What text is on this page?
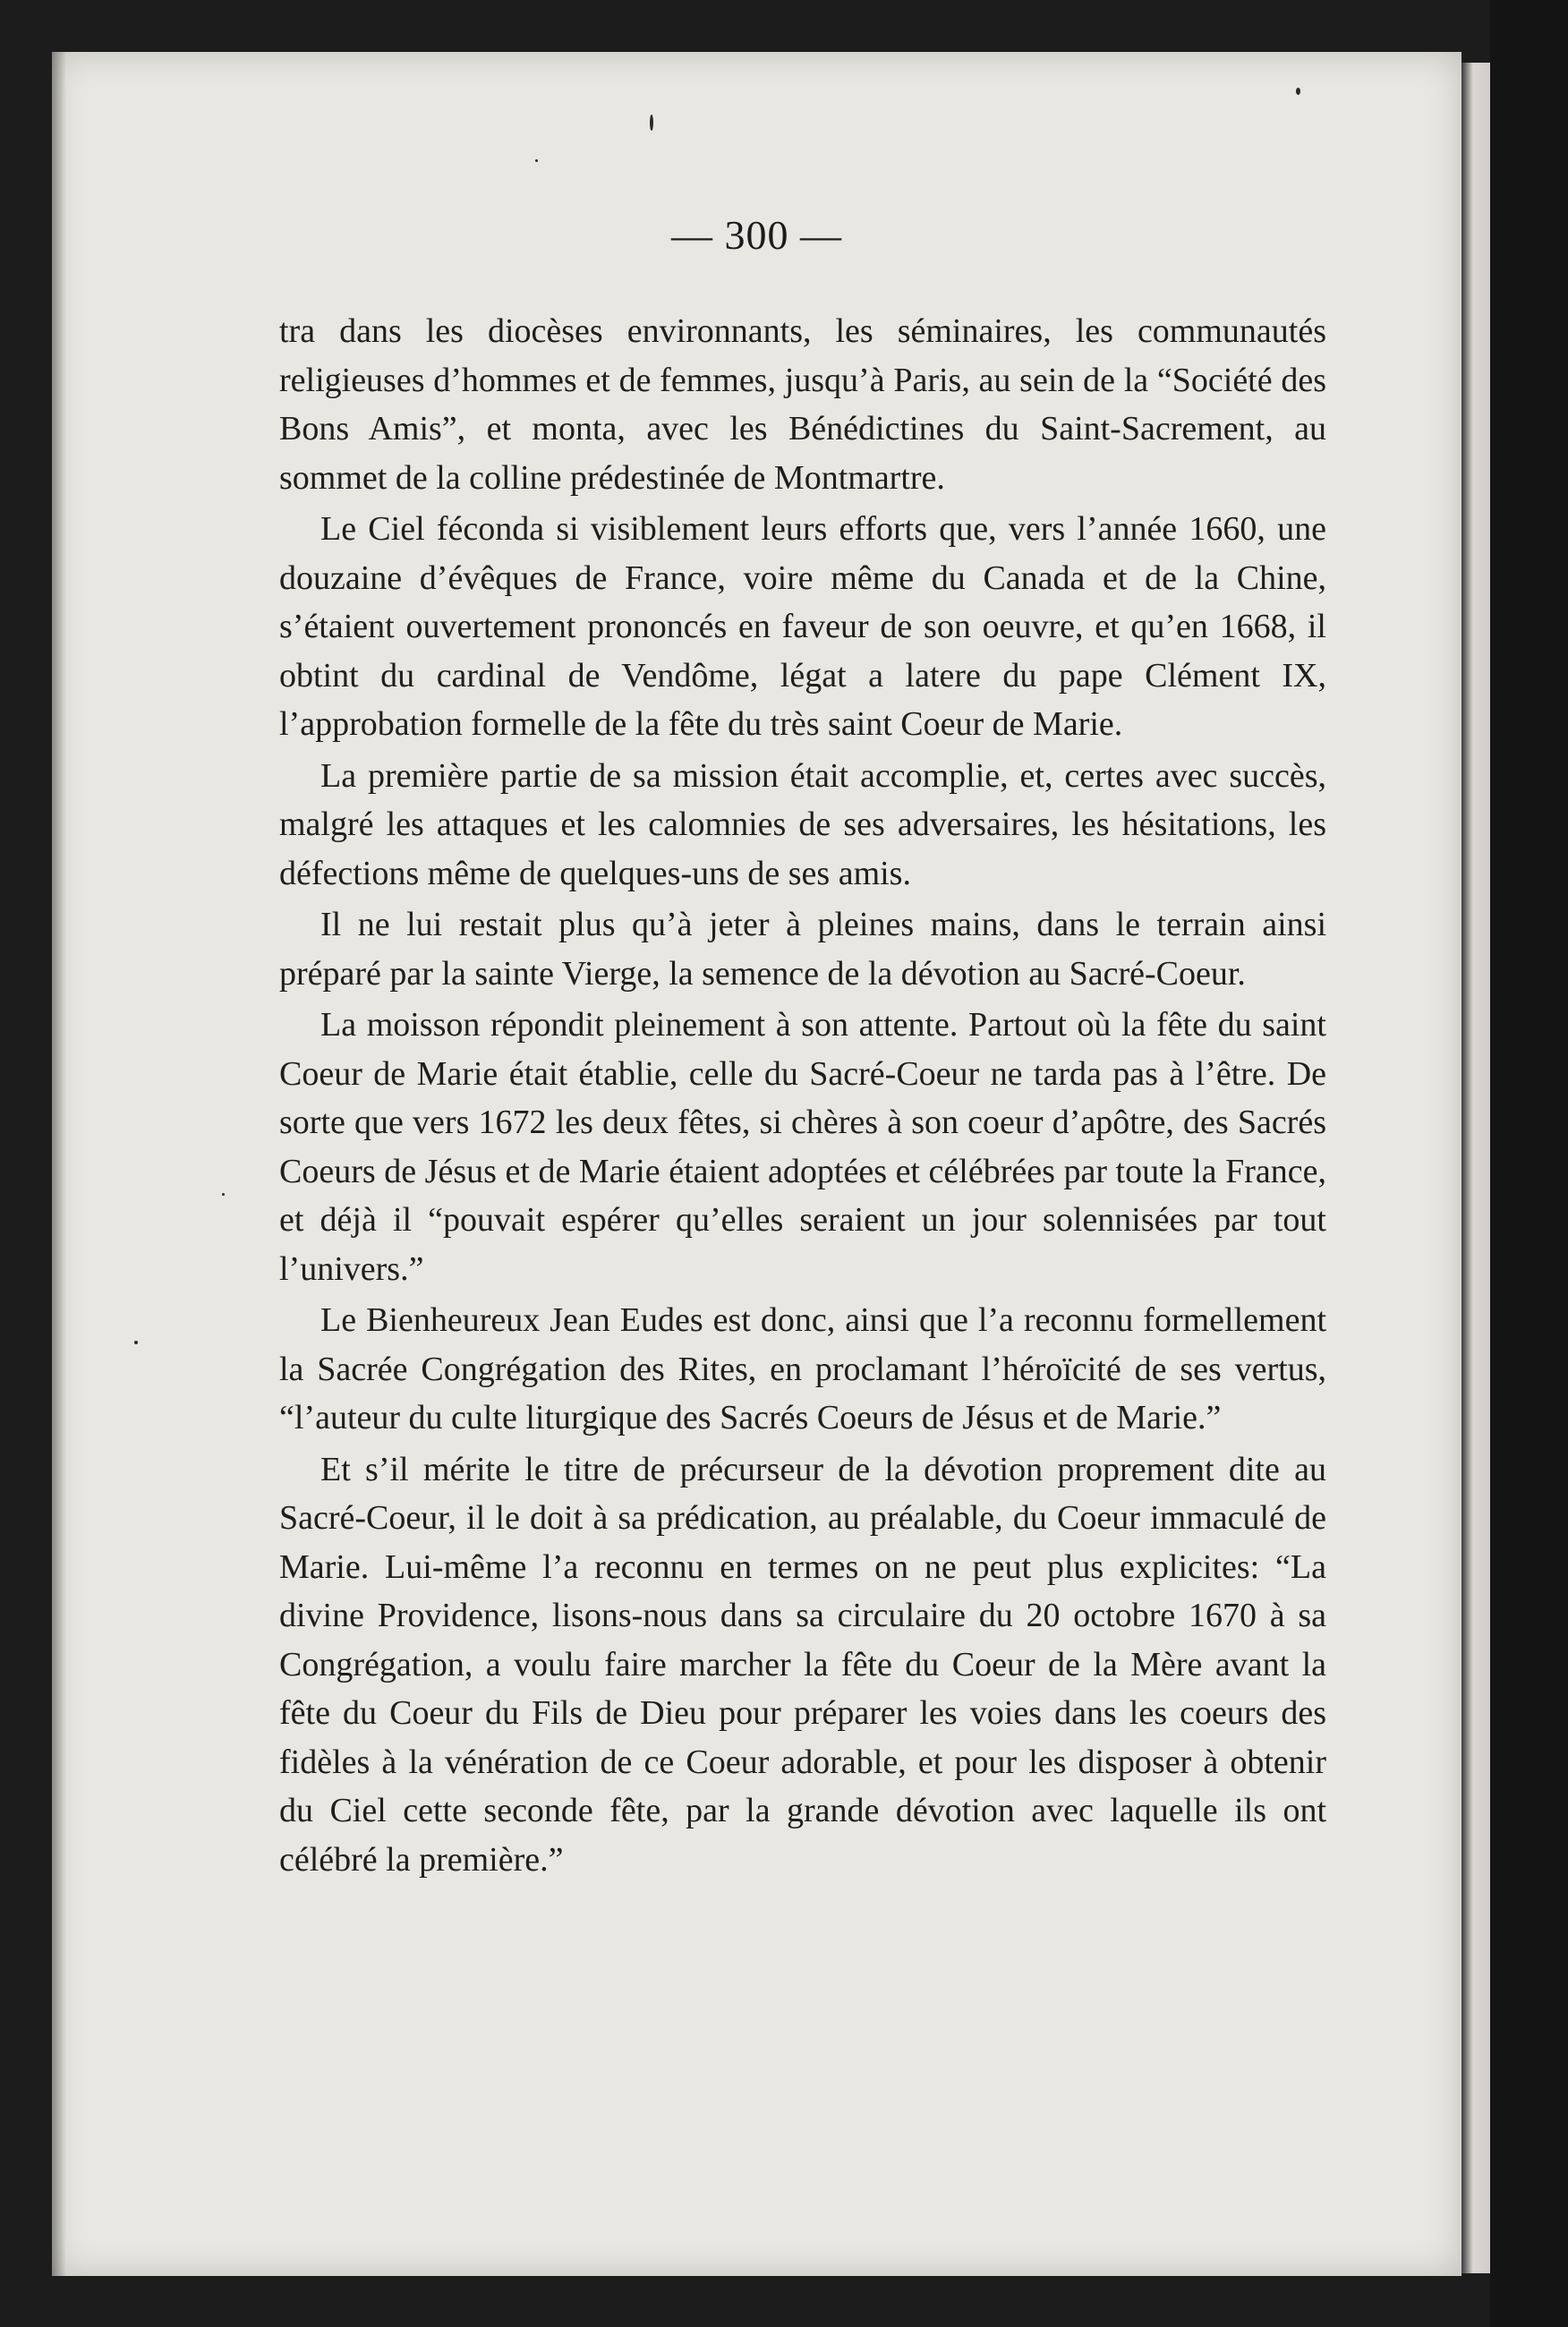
— 300 —

tra dans les diocèses environnants, les séminaires, les communautés religieuses d’hommes et de femmes, jusqu’à Paris, au sein de la “Société des Bons Amis”, et monta, avec les Bénédictines du Saint-Sacrement, au sommet de la colline prédestinée de Montmartre.

Le Ciel féconda si visiblement leurs efforts que, vers l’année 1660, une douzaine d’évêques de France, voire même du Canada et de la Chine, s’étaient ouvertement prononcés en faveur de son oeuvre, et qu’en 1668, il obtint du cardinal de Vendôme, légat a latere du pape Clément IX, l’approbation formelle de la fête du très saint Coeur de Marie.

La première partie de sa mission était accomplie, et, certes avec succès, malgré les attaques et les calomnies de ses adversaires, les hésitations, les défections même de quelques-uns de ses amis.

Il ne lui restait plus qu’à jeter à pleines mains, dans le terrain ainsi préparé par la sainte Vierge, la semence de la dévotion au Sacré-Coeur.

La moisson répondit pleinement à son attente. Partout où la fête du saint Coeur de Marie était établie, celle du Sacré-Coeur ne tarda pas à l’être. De sorte que vers 1672 les deux fêtes, si chères à son coeur d’apôtre, des Sacrés Coeurs de Jésus et de Marie étaient adoptées et célébrées par toute la France, et déjà il “pouvait espérer qu’elles seraient un jour solennisées par tout l’univers.”

Le Bienheureux Jean Eudes est donc, ainsi que l’a reconnu formellement la Sacrée Congrégation des Rites, en proclamant l’héroïcité de ses vertus, “l’auteur du culte liturgique des Sacrés Coeurs de Jésus et de Marie.”

Et s’il mérite le titre de précurseur de la dévotion proprement dite au Sacré-Coeur, il le doit à sa prédication, au préalable, du Coeur immaculé de Marie. Lui-même l’a reconnu en termes on ne peut plus explicites: “La divine Providence, lisons-nous dans sa circulaire du 20 octobre 1670 à sa Congrégation, a voulu faire marcher la fête du Coeur de la Mère avant la fête du Coeur du Fils de Dieu pour préparer les voies dans les coeurs des fidèles à la vénération de ce Coeur adorable, et pour les disposer à obtenir du Ciel cette seconde fête, par la grande dévotion avec laquelle ils ont célébré la première.”
